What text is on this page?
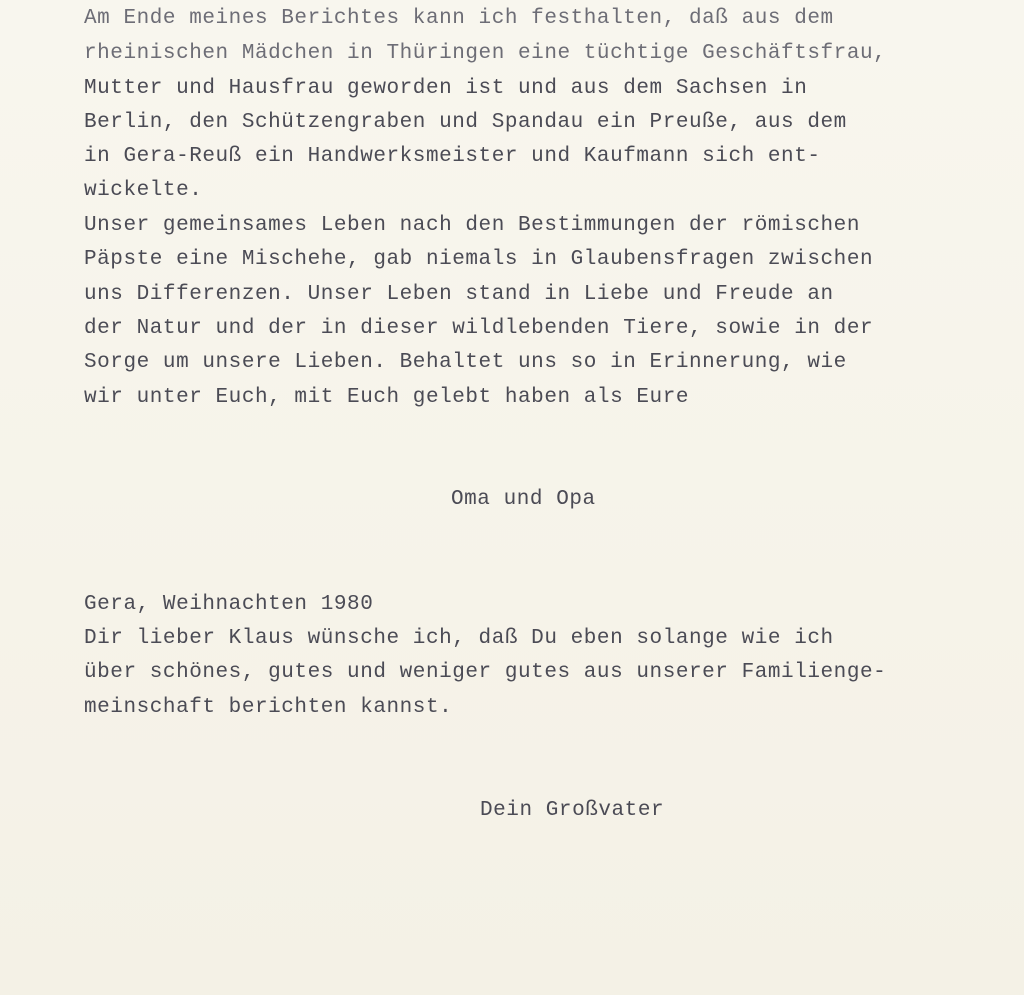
Am Ende meines Berichtes kann ich festhalten, daß aus dem
rheinischen Mädchen in Thüringen eine tüchtige Geschäftsfrau,
Mutter und Hausfrau geworden ist und aus dem Sachsen in
Berlin, den Schützengraben und Spandau ein Preuße, aus dem
in Gera-Reuß ein Handwerksmeister und Kaufmann sich ent-
wickelte.
Unser gemeinsames Leben nach den Bestimmungen der römischen
Päpste eine Mischehe, gab niemals in Glaubensfragen zwischen
uns Differenzen. Unser Leben stand in Liebe und Freude an
der Natur und der in dieser wildlebenden Tiere, sowie in der
Sorge um unsere Lieben. Behaltet uns so in Erinnerung, wie
wir unter Euch, mit Euch gelebt haben als Eure
Oma und Opa
Gera, Weihnachten 1980
Dir lieber Klaus wünsche ich, daß Du eben solange wie ich
über schönes, gutes und weniger gutes aus unserer Familienge-
meinschaft berichten kannst.
Dein Großvater
